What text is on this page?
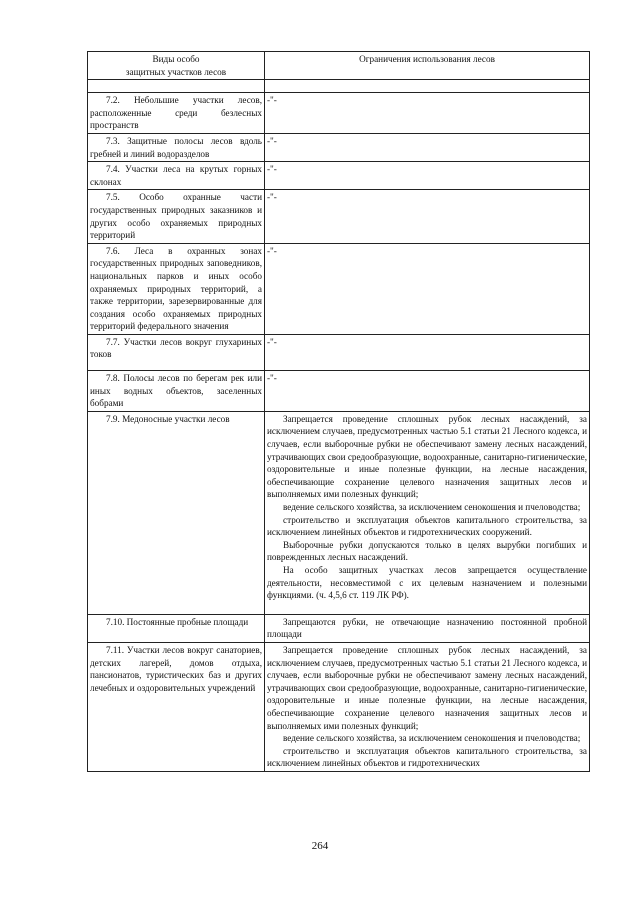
Виды особо
защитных участков лесов	Ограничения использования лесов

7.2. Небольшие участки лесов, расположенные среди безлесных пространств	-"-

7.3. Защитные полосы лесов вдоль гребней и линий водоразделов	-"-

7.4. Участки леса на крутых горных склонах	-"-

7.5. Особо охранные части государственных природных заказников и других особо охраняемых природных территорий	-"-

7.6. Леса в охранных зонах государственных природных заповедников, национальных парков и иных особо охраняемых природных территорий, а также территории, зарезервированные для создания особо охраняемых природных территорий федерального значения	-"-

7.7. Участки лесов вокруг глухариных токов	-"-

7.8. Полосы лесов по берегам рек или иных водных объектов, заселенных бобрами	-"-

7.9. Медоносные участки лесов	Запрещается проведение сплошных рубок лесных насаждений, за исключением случаев, предусмотренных частью 5.1 статьи 21 Лесного кодекса, и случаев, если выборочные рубки не обеспечивают замену лесных насаждений, утрачивающих свои средообразующие, водоохранные, санитарно-гигиенические, оздоровительные и иные полезные функции, на лесные насаждения, обеспечивающие сохранение целевого назначения защитных лесов и выполняемых ими полезных функций;
ведение сельского хозяйства, за исключением сенокошения и пчеловодства;
строительство и эксплуатация объектов капитального строительства, за исключением линейных объектов и гидротехнических сооружений.
Выборочные рубки допускаются только в целях вырубки погибших и поврежденных лесных насаждений.
На особо защитных участках лесов запрещается осуществление деятельности, несовместимой с их целевым назначением и полезными функциями. (ч. 4,5,6 ст. 119 ЛК РФ).

7.10. Постоянные пробные площади	Запрещаются рубки, не отвечающие назначению постоянной пробной площади

7.11. Участки лесов вокруг санаториев, детских лагерей, домов отдыха, пансионатов, туристических баз и других лечебных и оздоровительных учреждений	Запрещается проведение сплошных рубок лесных насаждений, за исключением случаев, предусмотренных частью 5.1 статьи 21 Лесного кодекса, и случаев, если выборочные рубки не обеспечивают замену лесных насаждений, утрачивающих свои средообразующие, водоохранные, санитарно-гигиенические, оздоровительные и иные полезные функции, на лесные насаждения, обеспечивающие сохранение целевого назначения защитных лесов и выполняемых ими полезных функций;
ведение сельского хозяйства, за исключением сенокошения и пчеловодства;
строительство и эксплуатация объектов капитального строительства, за исключением линейных объектов и гидротехнических
264
